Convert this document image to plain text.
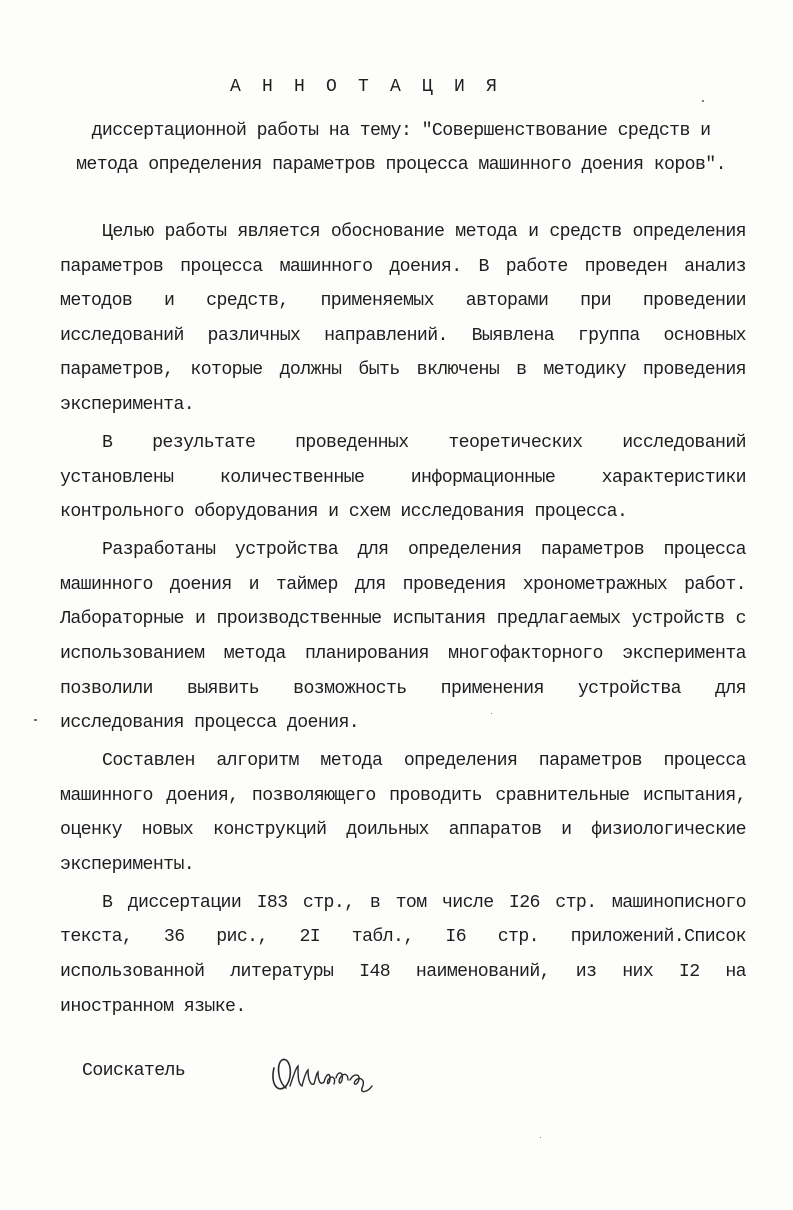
А Н Н О Т А Ц И Я
диссертационной работы на тему: "Совершенствование средств и метода определения параметров процесса машинного доения коров".

Целью работы является обоснование метода и средств определения параметров процесса машинного доения. В работе проведен анализ методов и средств, применяемых авторами при проведении исследований различных направлений. Выявлена группа основных параметров, которые должны быть включены в методику проведения эксперимента.

В результате проведенных теоретических исследований установлены количественные информационные характеристики контрольного оборудования и схем исследования процесса.

Разработаны устройства для определения параметров процесса машинного доения и таймер для проведения хронометражных работ. Лабораторные и производственные испытания предлагаемых устройств с использованием метода планирования многофакторного эксперимента позволили выявить возможность применения устройства для исследования процесса доения.

Составлен алгоритм метода определения параметров процесса машинного доения, позволяющего проводить сравнительные испытания, оценку новых конструкций доильных аппаратов и физиологические эксперименты.

В диссертации I83 стр., в том числе I26 стр. машинописного текста, 36 рис., 2I табл., I6 стр. приложений.Список использованной литературы I48 наименований, из них I2 на иностранном языке.

Соискатель
